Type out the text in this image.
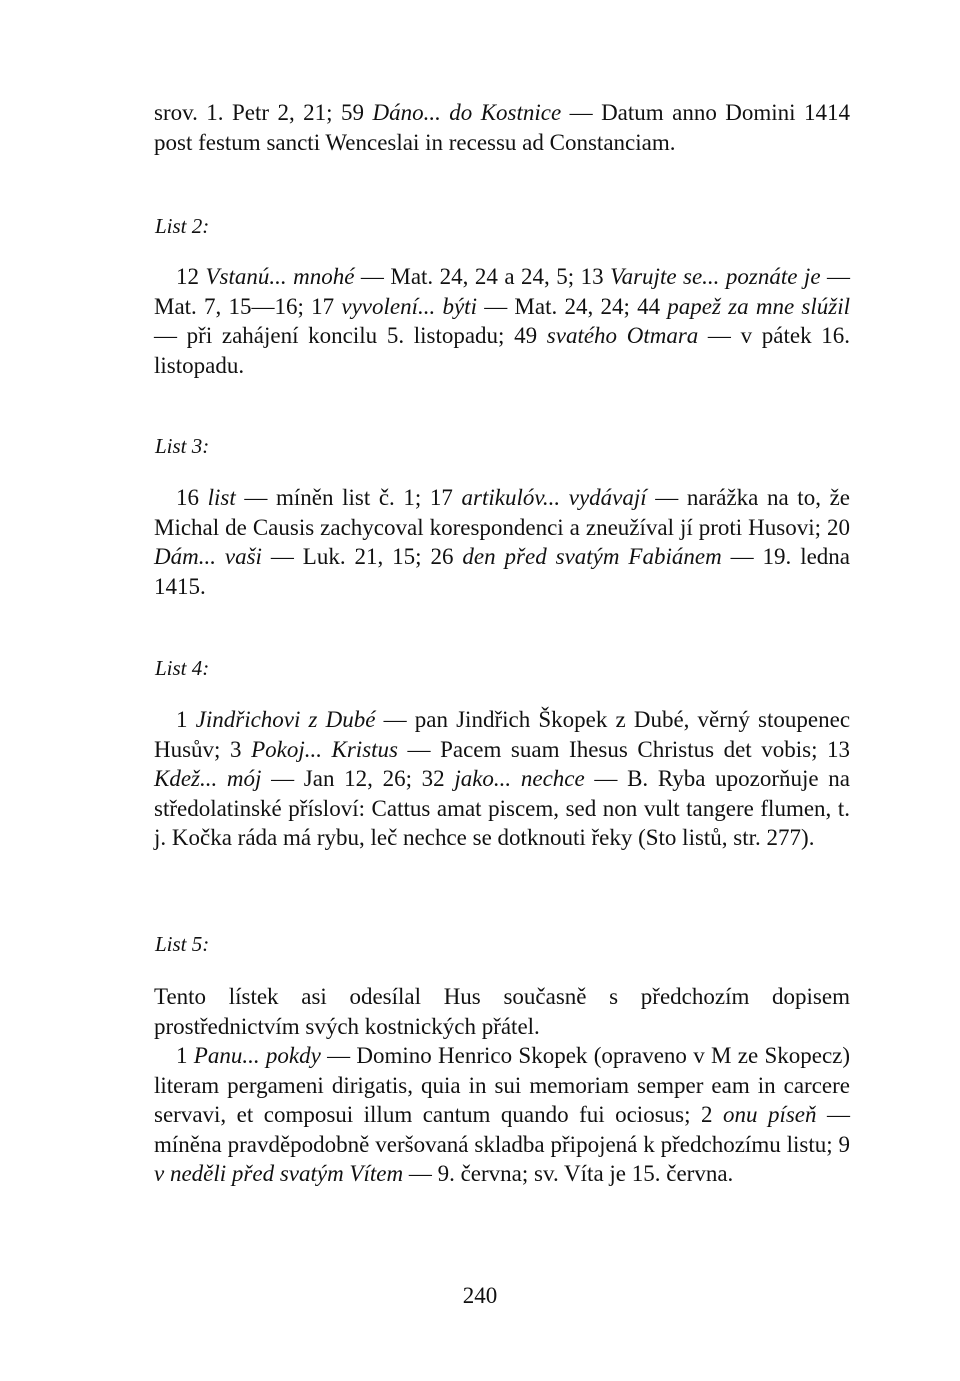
srov. 1. Petr 2, 21; 59 Dáno... do Kostnice — Datum anno Domini 1414 post festum sancti Wenceslai in recessu ad Constanciam.

List 2:

12 Vstanú... mnohé — Mat. 24, 24 a 24, 5; 13 Varujte se... poznáte je — Mat. 7, 15—16; 17 vyvolení... býti — Mat. 24, 24; 44 papež za mne slúžil — při zahájení koncilu 5. listopadu; 49 svatého Otmara — v pátek 16. listopadu.

List 3:

16 list — míněn list č. 1; 17 artikulóv... vydávají — narážka na to, že Michal de Causis zachycoval korespondenci a zneužíval jí proti Husovi; 20 Dám... vaši — Luk. 21, 15; 26 den před svatým Fabiánem — 19. ledna 1415.

List 4:

1 Jindřichovi z Dubé — pan Jindřich Škopek z Dubé, věrný stoupenec Husův; 3 Pokoj... Kristus — Pacem suam Ihesus Christus det vobis; 13 Kdež... mój — Jan 12, 26; 32 jako... nechce — B. Ryba upozorňuje na středolatinské přísloví: Cattus amat piscem, sed non vult tangere flumen, t. j. Kočka ráda má rybu, leč nechce se dotknouti řeky (Sto listů, str. 277).

List 5:

Tento lístek asi odesílal Hus současně s předchozím dopisem prostřednictvím svých kostnických přátel.

1 Panu... pokdy — Domino Henrico Skopek (opraveno v M ze Skopecz) literam pergameni dirigatis, quia in sui memoriam semper eam in carcere servavi, et composui illum cantum quando fui ociosus; 2 onu píseň — míněna pravděpodobně veršovaná skladba připojená k předchozímu listu; 9 v neděli před svatým Vítem — 9. června; sv. Víta je 15. června.

240
